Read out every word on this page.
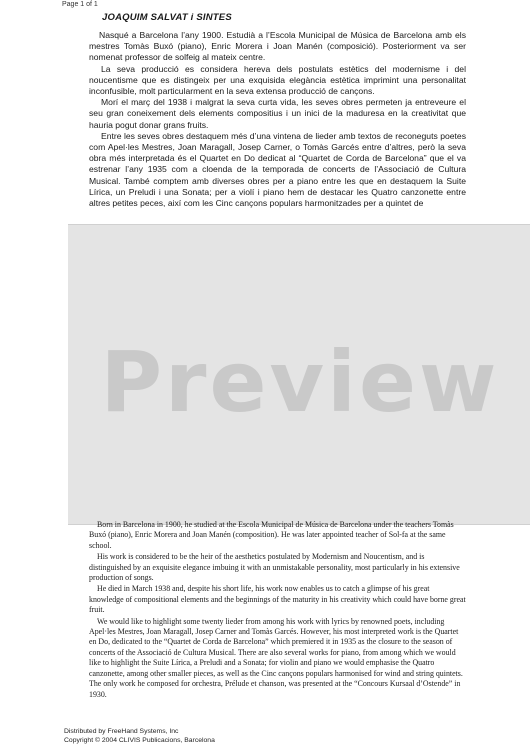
Page 1 of 1
JOAQUIM SALVAT i SINTES

Nasqué a Barcelona l’any 1900. Estudià a l’Escola Municipal de Música de Barcelona amb els mestres Tomàs Buxó (piano), Enric Morera i Joan Manén (composició). Posteriorment va ser nomenat professor de solfeig al mateix centre.

La seva producció es considera hereva dels postulats estètics del modernisme i del noucentisme que es distingeix per una exquisida elegància estètica imprimint una personalitat inconfusible, molt particularment en la seva extensa producció de cançons.

Morí el març del 1938 i malgrat la seva curta vida, les seves obres permeten ja entreveure el seu gran coneixement dels elements compositius i un inici de la maduresa en la creativitat que hauria pogut donar grans fruits.

Entre les seves obres destaquem més d’una vintena de lieder amb textos de reconeguts poetes com Apel·les Mestres, Joan Maragall, Josep Carner, o Tomàs Garcés entre d’altres, però la seva obra més interpretada és el Quartet en Do dedicat al “Quartet de Corda de Barcelona” que el va estrenar l’any 1935 com a cloenda de la temporada de concerts de l’Associació de Cultura Musical. També comptem amb diverses obres per a piano entre les que en destaquem la Suite Lírica, un Preludi i una Sonata; per a violí i piano hem de destacar les Quatro canzonette entre altres petites peces, així com les Cinc cançons populars harmonitzades per a quintet de

Preview

Born in Barcelona in 1900, he studied at the Escola Municipal de Música de Barcelona under the teachers Tomàs Buxó (piano), Enric Morera and Joan Manén (composition). He was later appointed teacher of Sol-fa at the same school.

His work is considered to be the heir of the aesthetics postulated by Modernism and Noucentism, and is distinguished by an exquisite elegance imbuing it with an unmistakable personality, most particularly in his extensive production of songs.

He died in March 1938 and, despite his short life, his work now enables us to catch a glimpse of his great knowledge of compositional elements and the beginnings of the maturity in his creativity which could have borne great fruit.

We would like to highlight some twenty lieder from among his work with lyrics by renowned poets, including Apel·les Mestres, Joan Maragall, Josep Carner and Tomàs Garcés. However, his most interpreted work is the Quartet en Do, dedicated to the “Quartet de Corda de Barcelona” which premiered it in 1935 as the closure to the season of concerts of the Associació de Cultura Musical. There are also several works for piano, from among which we would like to highlight the Suite Lírica, a Preludi and a Sonata; for violin and piano we would emphasise the Quatro canzonette, among other smaller pieces, as well as the Cinc cançons populars harmonised for wind and string quintets. The only work he composed for orchestra, Prélude et chanson, was presented at the “Concours Kursaal d’Ostende” in 1930.

Distributed by FreeHand Systems, Inc
Copyright © 2004 CLIVIS Publicacions, Barcelona
